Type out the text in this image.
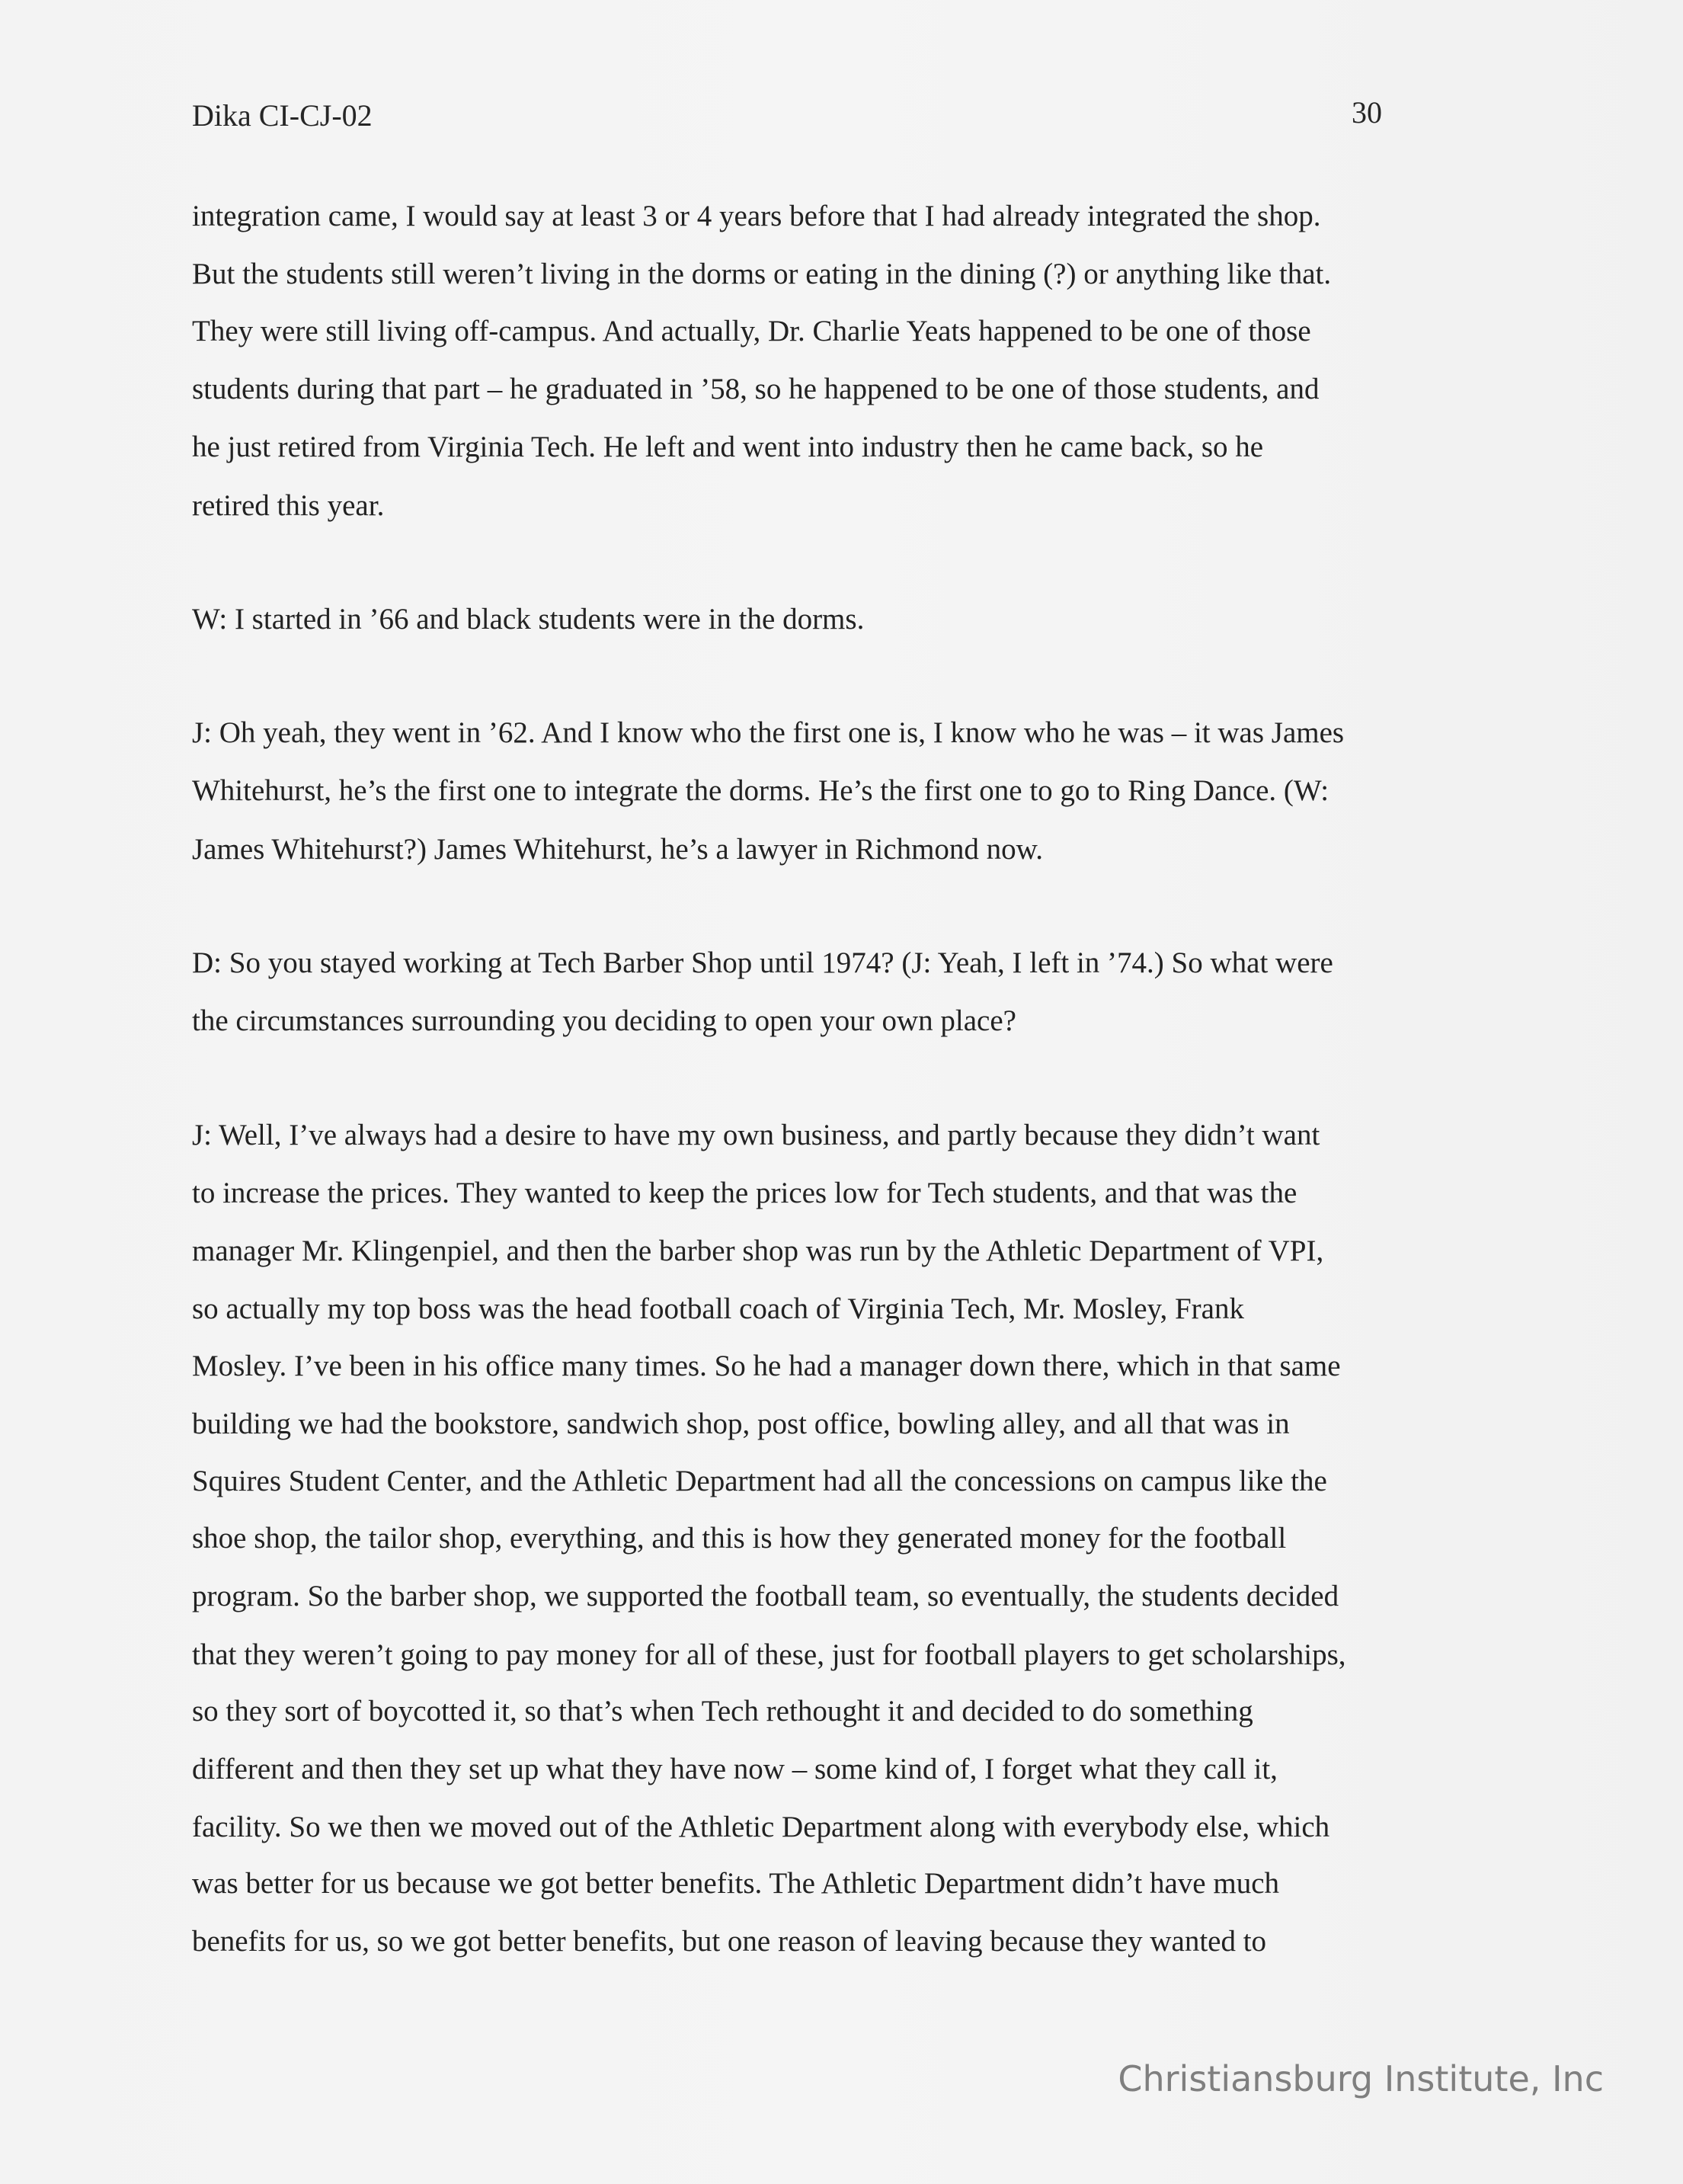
Dika CI-CJ-02	30
integration came, I would say at least 3 or 4 years before that I had already integrated the shop.
But the students still weren’t living in the dorms or eating in the dining (?) or anything like that.
They were still living off-campus. And actually, Dr. Charlie Yeats happened to be one of those
students during that part – he graduated in ’58, so he happened to be one of those students, and
he just retired from Virginia Tech. He left and went into industry then he came back, so he
retired this year.
W: I started in ’66 and black students were in the dorms.
J: Oh yeah, they went in ’62. And I know who the first one is, I know who he was – it was James
Whitehurst, he’s the first one to integrate the dorms. He’s the first one to go to Ring Dance. (W:
James Whitehurst?) James Whitehurst, he’s a lawyer in Richmond now.
D: So you stayed working at Tech Barber Shop until 1974? (J: Yeah, I left in ’74.) So what were
the circumstances surrounding you deciding to open your own place?
J: Well, I’ve always had a desire to have my own business, and partly because they didn’t want
to increase the prices. They wanted to keep the prices low for Tech students, and that was the
manager Mr. Klingenpiel, and then the barber shop was run by the Athletic Department of VPI,
so actually my top boss was the head football coach of Virginia Tech, Mr. Mosley, Frank
Mosley. I’ve been in his office many times. So he had a manager down there, which in that same
building we had the bookstore, sandwich shop, post office, bowling alley, and all that was in
Squires Student Center, and the Athletic Department had all the concessions on campus like the
shoe shop, the tailor shop, everything, and this is how they generated money for the football
program. So the barber shop, we supported the football team, so eventually, the students decided
that they weren’t going to pay money for all of these, just for football players to get scholarships,
so they sort of boycotted it, so that’s when Tech rethought it and decided to do something
different and then they set up what they have now – some kind of, I forget what they call it,
facility. So we then we moved out of the Athletic Department along with everybody else, which
was better for us because we got better benefits. The Athletic Department didn’t have much
benefits for us, so we got better benefits, but one reason of leaving because they wanted to
Christiansburg Institute, Inc
